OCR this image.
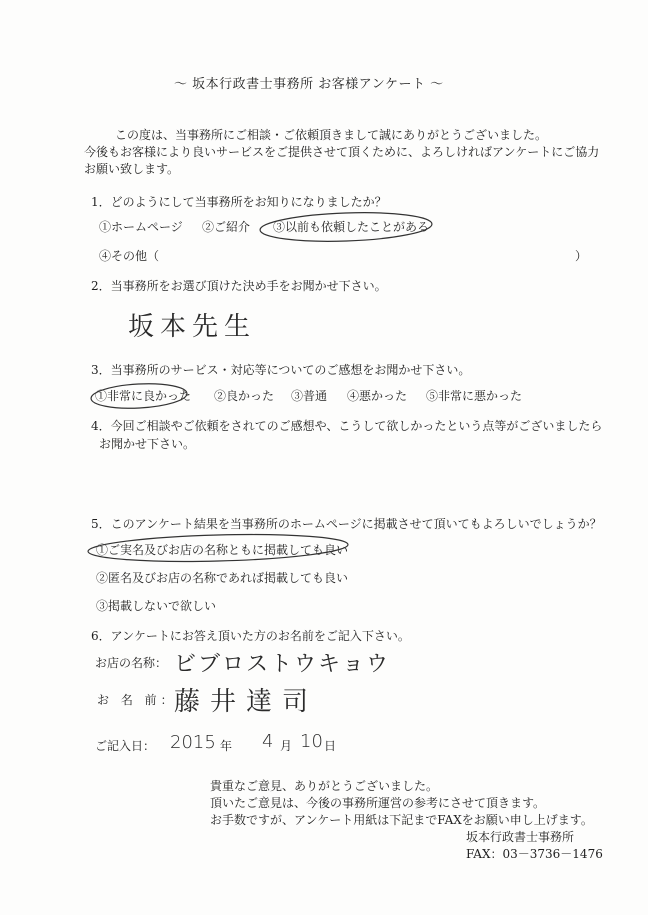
〜 坂本行政書士事務所 お客様アンケート 〜
この度は、当事務所にご相談・ご依頼頂きまして誠にありがとうございました。
今後もお客様により良いサービスをご提供させて頂くために、よろしければアンケートにご協力
お願い致します。
1．どのようにして当事務所をお知りになりましたか？
①ホームページ ②ご紹介 ③以前も依頼したことがある
④その他（	）
2．当事務所をお選び頂けた決め手をお聞かせ下さい。
坂本先生
3．当事務所のサービス・対応等についてのご感想をお聞かせ下さい。
①非常に良かった ②良かった ③普通 ④悪かった ⑤非常に悪かった
4．今回ご相談やご依頼をされてのご感想や、こうして欲しかったという点等がございましたら
お聞かせ下さい。
5．このアンケート結果を当事務所のホームページに掲載させて頂いてもよろしいでしょうか？
①ご実名及びお店の名称ともに掲載しても良い
②匿名及びお店の名称であれば掲載しても良い
③掲載しないで欲しい
6．アンケートにお答え頂いた方のお名前をご記入下さい。
お店の名称： ビブロストウキョウ
お 名 前：
藤井達司
ご記入日： 2015 年 4 月 10 日
貴重なご意見、ありがとうございました。
頂いたご意見は、今後の事務所運営の参考にさせて頂きます。
お手数ですが、アンケート用紙は下記までFAXをお願い申し上げます。
坂本行政書士事務所
FAX：03－3736－1476
